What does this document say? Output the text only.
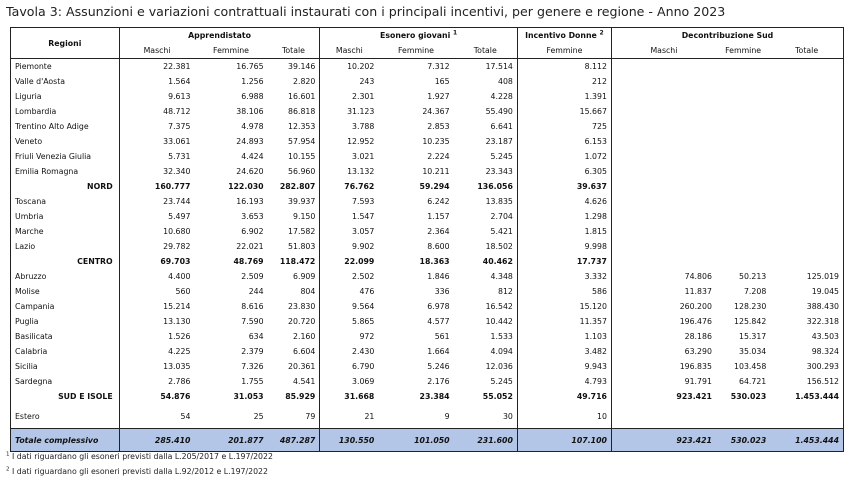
Tavola 3: Assunzioni e variazioni contrattuali instaurati con i principali incentivi, per genere e regione - Anno 2023
Regioni	Apprendistato			Esonero giovani $^1$			Incentivo Donne $^2$	Decontribuzione Sud		
	Maschi	Femmine	Totale	Maschi	Femmine	Totale	Femmine	Maschi	Femmine	Totale
Piemonte	22.381	16.765	39.146	10.202	7.312	17.514	8.112			
Valle d'Aosta	1.564	1.256	2.820	243	165	408	212			
Liguria	9.613	6.988	16.601	2.301	1.927	4.228	1.391			
Lombardia	48.712	38.106	86.818	31.123	24.367	55.490	15.667			
Trentino Alto Adige	7.375	4.978	12.353	3.788	2.853	6.641	725			
Veneto	33.061	24.893	57.954	12.952	10.235	23.187	6.153			
Friuli Venezia Giulia	5.731	4.424	10.155	3.021	2.224	5.245	1.072			
Emilia Romagna	32.340	24.620	56.960	13.132	10.211	23.343	6.305			
NORD	160.777	122.030	282.807	76.762	59.294	136.056	39.637			
Toscana	23.744	16.193	39.937	7.593	6.242	13.835	4.626			
Umbria	5.497	3.653	9.150	1.547	1.157	2.704	1.298			
Marche	10.680	6.902	17.582	3.057	2.364	5.421	1.815			
Lazio	29.782	22.021	51.803	9.902	8.600	18.502	9.998			
CENTRO	69.703	48.769	118.472	22.099	18.363	40.462	17.737			
Abruzzo	4.400	2.509	6.909	2.502	1.846	4.348	3.332	74.806	50.213	125.019
Molise	560	244	804	476	336	812	586	11.837	7.208	19.045
Campania	15.214	8.616	23.830	9.564	6.978	16.542	15.120	260.200	128.230	388.430
Puglia	13.130	7.590	20.720	5.865	4.577	10.442	11.357	196.476	125.842	322.318
Basilicata	1.526	634	2.160	972	561	1.533	1.103	28.186	15.317	43.503
Calabria	4.225	2.379	6.604	2.430	1.664	4.094	3.482	63.290	35.034	98.324
Sicilia	13.035	7.326	20.361	6.790	5.246	12.036	9.943	196.835	103.458	300.293
Sardegna	2.786	1.755	4.541	3.069	2.176	5.245	4.793	91.791	64.721	156.512
SUD E ISOLE	54.876	31.053	85.929	31.668	23.384	55.052	49.716	923.421	530.023	1.453.444
Estero	54	25	79	21	9	30	10			
Totale complessivo	285.410	201.877	487.287	130.550	101.050	231.600	107.100	923.421	530.023	1.453.444
$^1$ I dati riguardano gli esoneri previsti dalla L.205/2017 e L.197/2022
$^2$ I dati riguardano gli esoneri previsti dalla L.92/2012 e L.197/2022
